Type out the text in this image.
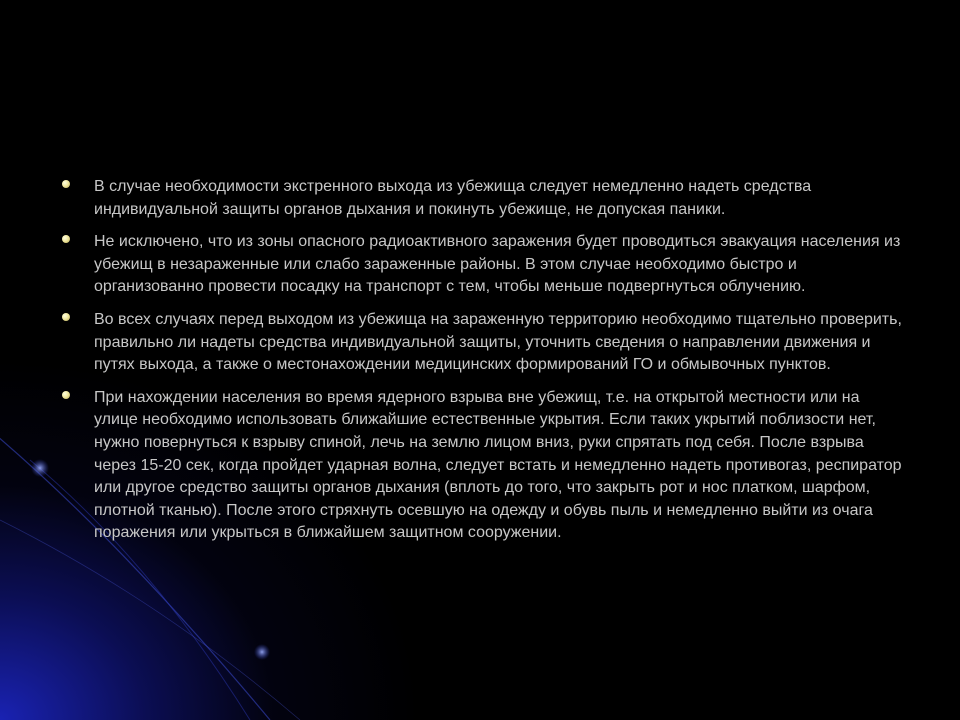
В случае необходимости экстренного выхода из убежища следует немедленно надеть средства индивидуальной защиты органов дыхания и покинуть убежище, не допуская паники.
Не исключено, что из зоны опасного радиоактивного заражения будет проводиться эвакуация населения из убежищ в незараженные или слабо зараженные районы. В этом случае необходимо быстро и организованно провести посадку на транспорт с тем, чтобы меньше подвергнуться облучению.
Во всех случаях перед выходом из убежища на зараженную территорию необходимо тщательно проверить, правильно ли надеты средства индивидуальной защиты, уточнить сведения о направлении движения и путях выхода, а также о местонахождении медицинских формирований ГО и обмывочных пунктов.
При нахождении населения во время ядерного взрыва вне убежищ, т.е. на открытой местности или на улице необходимо использовать ближайшие естественные укрытия. Если таких укрытий поблизости нет, нужно повернуться к взрыву спиной, лечь на землю лицом вниз, руки спрятать под себя. После взрыва через 15-20 сек, когда пройдет ударная волна, следует встать и немедленно надеть противогаз, респиратор или другое средство защиты органов дыхания (вплоть до того, что закрыть рот и нос платком, шарфом, плотной тканью). После этого стряхнуть осевшую на одежду и обувь пыль и немедленно выйти из очага поражения или укрыться в ближайшем защитном сооружении.
